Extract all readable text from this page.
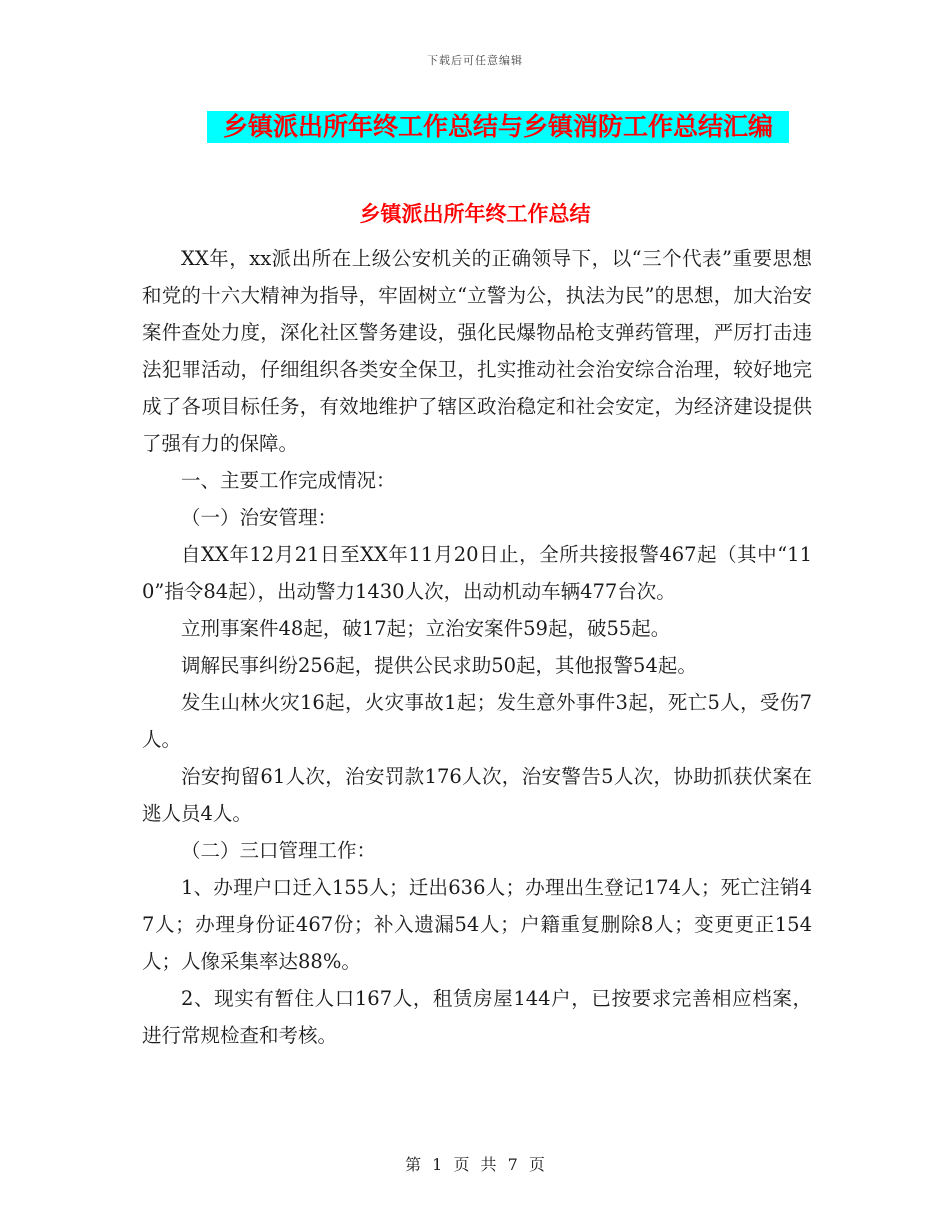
下载后可任意编辑
乡镇派出所年终工作总结与乡镇消防工作总结汇编
乡镇派出所年终工作总结

XX年，xx派出所在上级公安机关的正确领导下，以“三个代表”重要思想和党的十六大精神为指导，牢固树立“立警为公，执法为民”的思想，加大治安案件查处力度，深化社区警务建设，强化民爆物品枪支弹药管理，严厉打击违法犯罪活动，仔细组织各类安全保卫，扎实推动社会治安综合治理，较好地完成了各项目标任务，有效地维护了辖区政治稳定和社会安定，为经济建设提供了强有力的保障。

一、主要工作完成情况：

（一）治安管理：

自XX年12月21日至XX年11月20日止，全所共接报警467起（其中“110”指令84起），出动警力1430人次，出动机动车辆477台次。

立刑事案件48起，破17起；立治安案件59起，破55起。

调解民事纠纷256起，提供公民求助50起，其他报警54起。

发生山林火灾16起，火灾事故1起；发生意外事件3起，死亡5人，受伤7人。

治安拘留61人次，治安罚款176人次，治安警告5人次，协助抓获伏案在逃人员4人。

（二）三口管理工作：

1、办理户口迁入155人；迁出636人；办理出生登记174人；死亡注销47人；办理身份证467份；补入遗漏54人；户籍重复删除8人；变更更正154人；人像采集率达88%。

2、现实有暂住人口167人，租赁房屋144户，已按要求完善相应档案，进行常规检查和考核。

第 1 页 共 7 页
